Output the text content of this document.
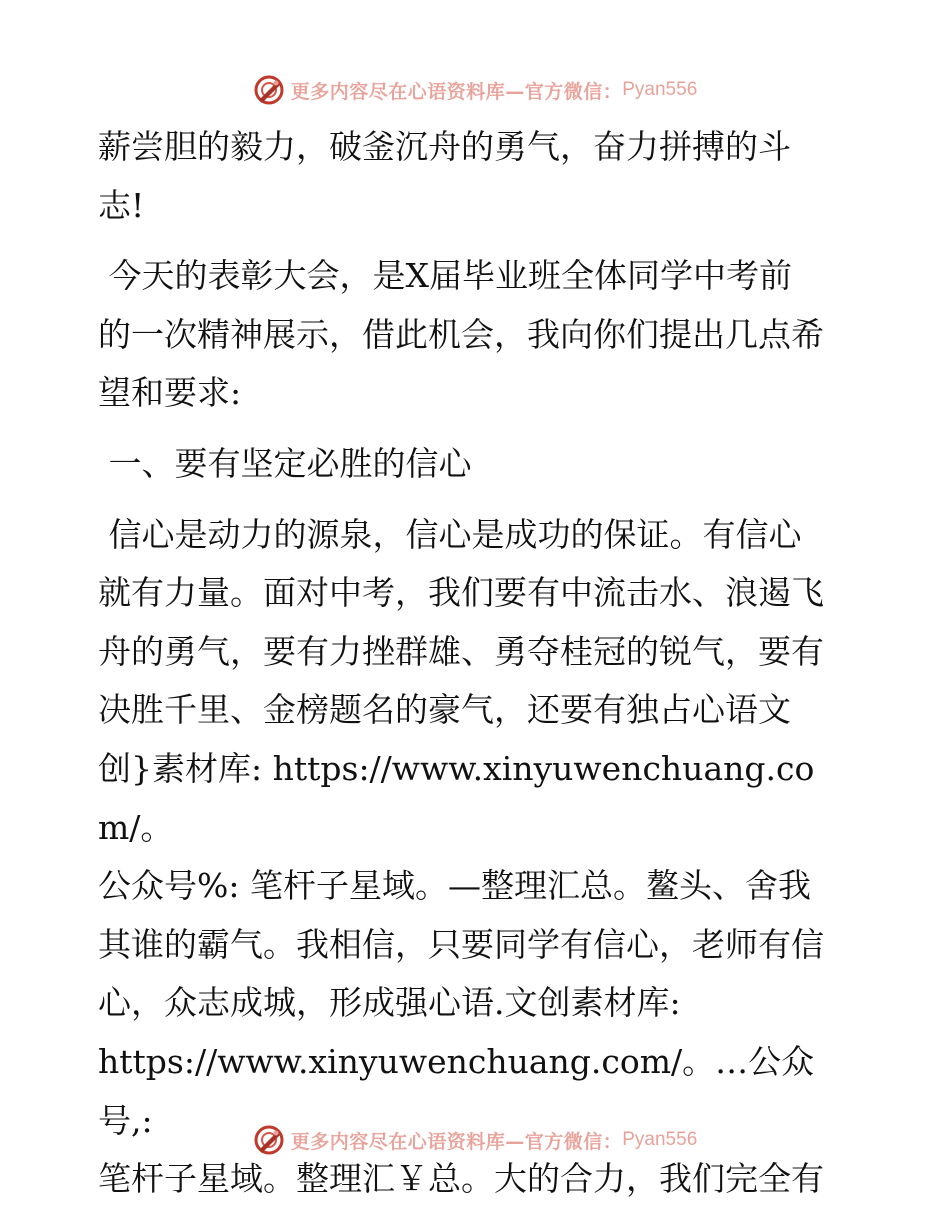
更多内容尽在心语资料库—官方微信： Pyan556

薪尝胆的毅力，破釜沉舟的勇气，奋力拼搏的斗

志!

今天的表彰大会，是X届毕业班全体同学中考前

的一次精神展示，借此机会，我向你们提出几点希

望和要求:

一、要有坚定必胜的信心

信心是动力的源泉，信心是成功的保证。有信心

就有力量。面对中考，我们要有中流击水、浪遏飞

舟的勇气，要有力挫群雄、勇夺桂冠的锐气，要有

决胜千里、金榜题名的豪气，还要有独占心语文

创}素材库: https://www.xinyuwenchuang.com/。

公众号%: 笔杆子星域。—整理汇总。鳌头、舍我

其谁的霸气。我相信，只要同学有信心，老师有信

心，众志成城，形成强心语.文创素材库:

https://www.xinyuwenchuang.com/。…公众号,:

笔杆子星域。整理汇￥总。大的合力，我们完全有

更多内容尽在心语资料库—官方微信： Pyan556
